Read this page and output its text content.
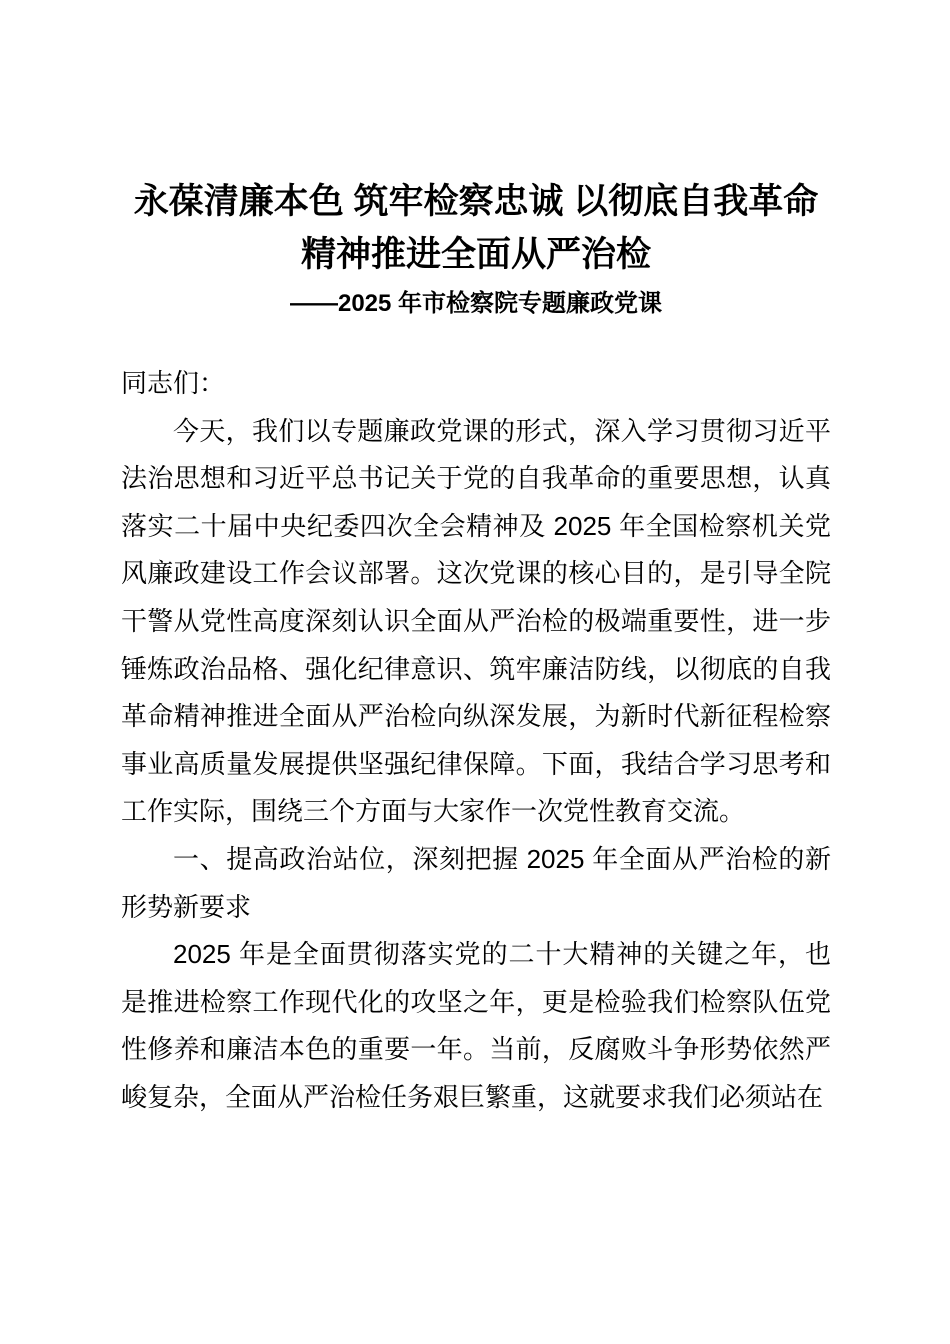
永葆清廉本色 筑牢检察忠诚 以彻底自我革命精神推进全面从严治检
——2025 年市检察院专题廉政党课

同志们：

今天，我们以专题廉政党课的形式，深入学习贯彻习近平法治思想和习近平总书记关于党的自我革命的重要思想，认真落实二十届中央纪委四次全会精神及 2025 年全国检察机关党风廉政建设工作会议部署。这次党课的核心目的，是引导全院干警从党性高度深刻认识全面从严治检的极端重要性，进一步锤炼政治品格、强化纪律意识、筑牢廉洁防线，以彻底的自我革命精神推进全面从严治检向纵深发展，为新时代新征程检察事业高质量发展提供坚强纪律保障。下面，我结合学习思考和工作实际，围绕三个方面与大家作一次党性教育交流。

一、提高政治站位，深刻把握 2025 年全面从严治检的新形势新要求

2025 年是全面贯彻落实党的二十大精神的关键之年，也是推进检察工作现代化的攻坚之年，更是检验我们检察队伍党性修养和廉洁本色的重要一年。当前，反腐败斗争形势依然严峻复杂，全面从严治检任务艰巨繁重，这就要求我们必须站在
